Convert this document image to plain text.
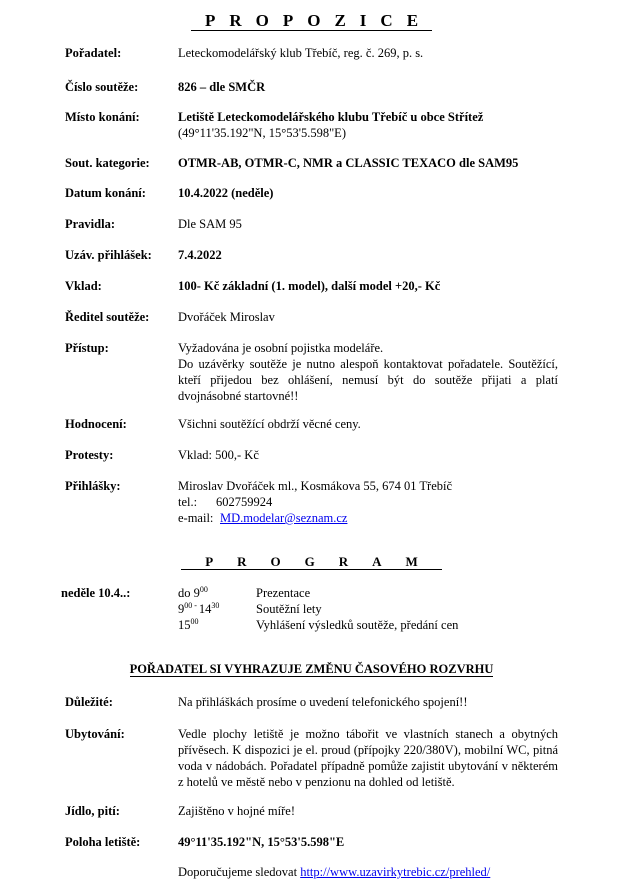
PROPOZICE
Pořadatel:	Leteckomodelářský klub Třebíč, reg. č. 269, p. s.
Číslo soutěže:	826 – dle SMČR
Místo konání:	Letiště Leteckomodelářského klubu Třebíč u obce Střítež
(49°11'35.192"N, 15°53'5.598"E)
Sout. kategorie: OTMR-AB, OTMR-C, NMR a CLASSIC TEXACO dle SAM95
Datum konání:	10.4.2022 (neděle)
Pravidla:	Dle SAM 95
Uzáv. přihlášek: 7.4.2022
Vklad:	100- Kč základní (1. model), další model +20,- Kč
Ředitel soutěže: Dvořáček Miroslav
Přístup:	Vyžadována je osobní pojistka modeláře.
Do uzávěrky soutěže je nutno alespoň kontaktovat pořadatele. Soutěžící, kteří přijedou bez ohlášení, nemusí být do soutěže přijati a platí dvojnásobné startovné!!
Hodnocení:	Všichni soutěžící obdrží věcné ceny.
Protesty:	Vklad: 500,- Kč
Přihlášky:	Miroslav Dvořáček ml., Kosmákova 55, 674 01 Třebíč
tel.: 602759924
e-mail: MD.modelar@seznam.cz
PROGRAM
neděle 10.4..:	do $9^{00}$	Prezentace
$9^{00 -}$ $14^{30}$	Soutěžní lety
$15^{00}$	Vyhlášení výsledků soutěže, předání cen
POŘADATEL SI VYHRAZUJE ZMĚNU ČASOVÉHO ROZVRHU
Důležité:	Na přihláškách prosíme o uvedení telefonického spojení!!
Ubytování:	Vedle plochy letiště je možno tábořit ve vlastních stanech a obytných přívěsech. K dispozici je el. proud (přípojky 220/380V), mobilní WC, pitná voda v nádobách. Pořadatel případně pomůže zajistit ubytování v některém z hotelů ve městě nebo v penzionu na dohled od letiště.
Jídlo, pití:	Zajištěno v hojné míře!
Poloha letiště:	49°11'35.192"N, 15°53'5.598"E
Doporučujeme sledovat http://www.uzavirkytrebic.cz/prehled/
